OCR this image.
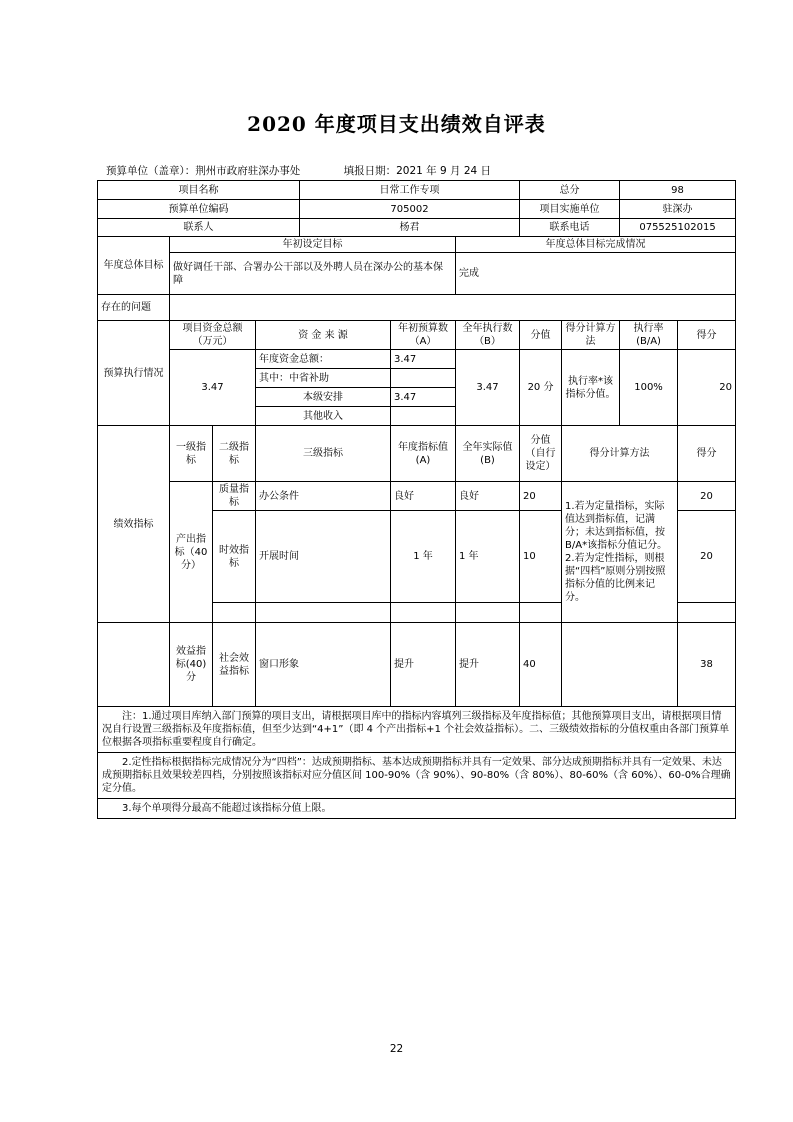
2020 年度项目支出绩效自评表
预算单位（盖章）：荆州市政府驻深办事处	填报日期：2021 年 9 月 24 日
项目名称				日常工作专项			总分		98	
预算单位编码				705002			项目实施单位		驻深办	
联系人				杨君			联系电话		075525102015	
年度总体目标	年初设定目标					年度总体目标完成情况				
	做好调任干部、合署办公干部以及外聘人员在深办公的基本保障					完成				
存在的问题										
预算执行情况	项目资金总额（万元）		资 金 来 源		年初预算数（A）	全年执行数（B）	分值	得分计算方法	执行率(B/A)	得分
	3.47		年度资金总额：		3.47	3.47	20 分	执行率*该指标分值。	100%	20
			其中：中省补助							
			本级安排		3.47					
			其他收入							
绩效指标	一级指标	二级指标	三级指标		年度指标值(A)	全年实际值(B)	分值（自行设定）	得分计算方法		得分
	产出指标（40 分）	质量指标	办公条件		良好	良好	20	1.若为定量指标，实际值达到指标值，记满分；未达到指标值，按 B/A*该指标分值记分。 2.若为定性指标，则根据“四档”原则分别按照指标分值的比例来记分。		20
		时效指标	开展时间		1 年	1 年	10			20

	效益指标(40)分	社会效益指标	窗口形象		提升	提升	40			38
注：1.通过项目库纳入部门预算的项目支出，请根据项目库中的指标内容填列三级指标及年度指标值；其他预算项目支出，请根据项目情况自行设置三级指标及年度指标值，但至少达到“4+1”（即 4 个产出指标+1 个社会效益指标）。二、三级绩效指标的分值权重由各部门预算单位根据各项指标重要程度自行确定。										
2.定性指标根据指标完成情况分为“四档”：达成预期指标、基本达成预期指标并具有一定效果、部分达成预期指标并具有一定效果、未达成预期指标且效果较差四档，分别按照该指标对应分值区间 100-90%（含 90%）、90-80%（含 80%）、80-60%（含 60%）、60-0%合理确定分值。										
3.每个单项得分最高不能超过该指标分值上限。										
22
